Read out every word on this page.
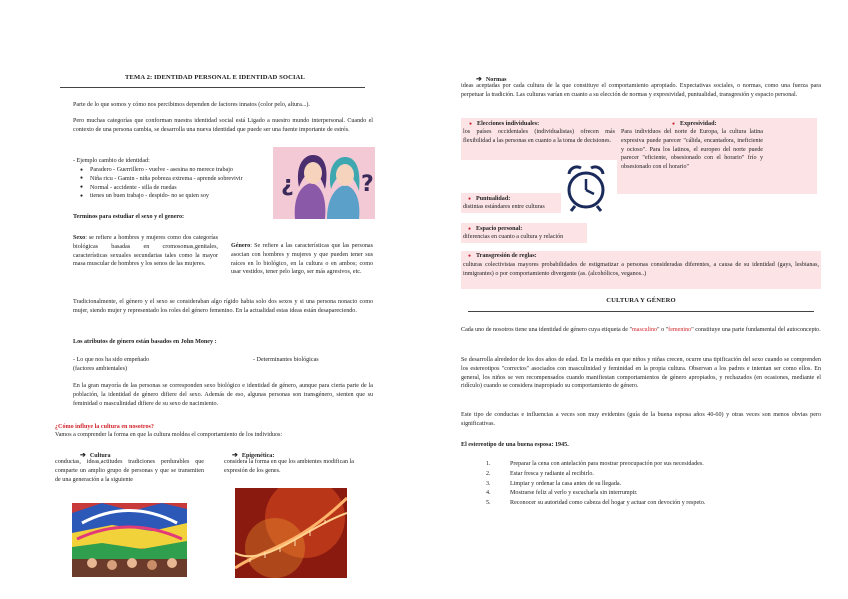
TEMA 2: IDENTIDAD PERSONAL E IDENTIDAD SOCIAL
Parte de lo que somos y cómo nos percibimos dependen de factores innatos (color pelo, altura...).
Pero muchas categorías que conforman nuestra identidad social está Ligado a nuestro mundo interpersonal. Cuando el contexto de una persona cambia, se desarrolla una nueva identidad que puede ser una fuente importante de estrés.
- Ejemplo cambio de identidad:
● Paradero - Guerrillero - vuelve - asesina no merece trabajo
● Niña ricu - Gamin - niña pobreza extrema - aprende sobrevivir
● Normal - accidente - silla de ruedas
● tienes un buen trabajo - despido- no se quien soy	¿	?
Terminos para estudiar el sexo y el genero:
Sexo: se refiere a hombres y mujeres como dos categorías biológicas basadas en cromosomas,genitales, características sexuales secundarias tales como la mayor masa muscular de hombres y los senos de las mujeres.
Género: Se refiere a las características que las personas asocian con hombres y mujeres y que pueden tener sus raíces en lo biológico, en la cultura o en ambos; como usar vestidos, tener pelo largo, ser más agresivos, etc.
Tradicionalmente, el género y el sexo se consideraban algo rígido habia solo dos sexos y si una persona nonacio como mujer, siendo mujer y representado los roles del género femenino. En la actualidad estas ideas están desapareciendo.
Los atributos de género están basados en John Money :
- Lo que nos ha sido empeñado	- Determinantes biológicas
(factores ambientales)
En la gran mayoría de las personas se corresponden sexo biológico e identidad de género, aunque para cierta parte de la población, la identidad de género difiere del sexo. Además de eso, algunas personas son transgénero, sienten que su feminidad o masculinidad difiere de su sexo de nacimiento.
¿Cómo influye la cultura en nosotros?
Vamos a comprender la forma en que la cultura moldea el comportamiento de los individuos:
➔ Cultura
conductas, ideas,actitudes tradiciones perdurables que comparte un amplio grupo de personas y que se transmiten de una generación a la siguiente
➔ Epigenética:
considera la forma en que los ambientes modifican la expresión de los genes.
➔ Normas
ideas aceptadas por cada cultura de la que constituye el comportamiento apropiado. Expectativas sociales, o normas, como una fuerza para perpetuar la tradición. Las culturas varían en cuanto a su elección de normas y expresividad, puntualidad, transgresión y espacio personal.
● Elecciones individuales:
los países occidentales (individualistas) ofrecen más flexibilidad a las personas en cuanto a la toma de decisiones.
● Expresividad:
Para individuos del norte de Europa, la cultura latina expresiva puede parecer "cálida, encantadora, ineficiente y ocioso". Para los latinos, el europeo del norte puede parecer "eficiente, obsesionado con el horario" frío y obsesionado con el horario"
● Puntualidad:
distintas estándares entre culturas
● Espacio personal:
diferencias en cuanto a cultura y relación
● Transgresión de reglas:
culturas colectivistas mayores probabilidades de estigmatizar a personas consideradas diferentes, a causa de su identidad (gays, lesbianas, inmigrantes) o por comportamiento divergente (as. (alcohólicos, veganos..)
CULTURA Y GÉNERO
Cada uno de nosotros tiene una identidad de género cuya etiqueta de "masculino" o "femenino" constituye una parte fundamental del autoconcepto.
Se desarrolla alrededor de los dos años de edad. En la medida en que niños y niñas crecen, ocurre una tipificación del sexo cuando se comprenden los estereotipos "correctos" asociados con masculinidad y feminidad en la propia cultura. Observan a los padres e intentan ser como ellos. En general, los niños se ven recompensados cuando manifiestan comportamientos de género apropiados, y rechazados (en ocasiones, mediante el ridículo) cuando se considera inapropiado su comportamiento de género.
Este tipo de conductas e influencias a veces son muy evidentes (guía de la buena esposa años 40-60) y otras veces son menos obvias pero significativas.
El estereotipo de una buena esposa: 1945.
1.	Preparar la cena con antelación para mostrar preocupación por sus necesidades.
2.	Estar fresca y radiante al recibirlo.
3.	Limpiar y ordenar la casa antes de su llegada.
4.	Mostrarse feliz al verlo y escucharla sin interrumpir.
5.	Reconocer su autoridad como cabeza del hogar y actuar con devoción y respeto.
